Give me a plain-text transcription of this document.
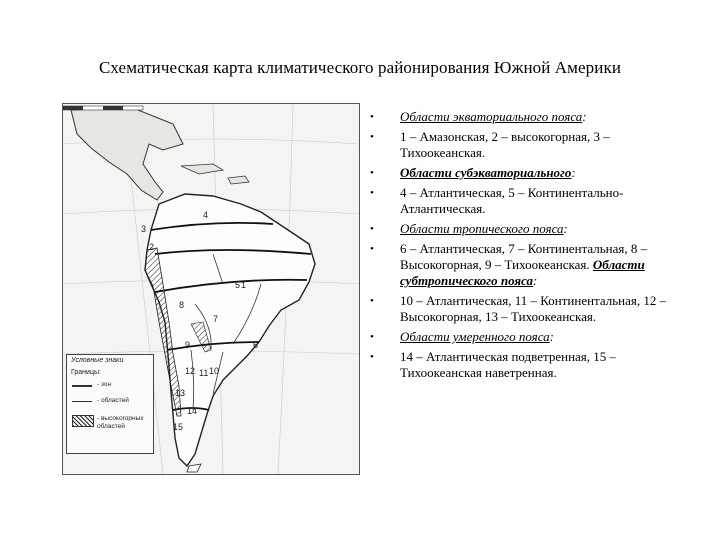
Схематическая карта климатического районирования Южной Америки
1
2
3
4
5
6
7
8
9
10
11
12
13
14
15
Условные знаки
Границы:
- зон
- областей
- высокогорных областей
• Области экваториального пояса:
• 1 – Амазонская, 2 – высокогорная, 3 – Тихоокеанская.
• Области субэкваториального:
• 4 – Атлантическая, 5 – Континентально-Атлантическая.
• Области тропического пояса:
• 6 – Атлантическая, 7 – Континентальная, 8 – Высокогорная, 9 – Тихоокеанская. Области субтропического пояса:
• 10 – Атлантическая, 11 – Континентальная, 12 – Высокогорная, 13 – Тихоокеанская.
• Области умеренного пояса:
• 14 – Атлантическая подветренная, 15 – Тихоокеанская наветренная.
